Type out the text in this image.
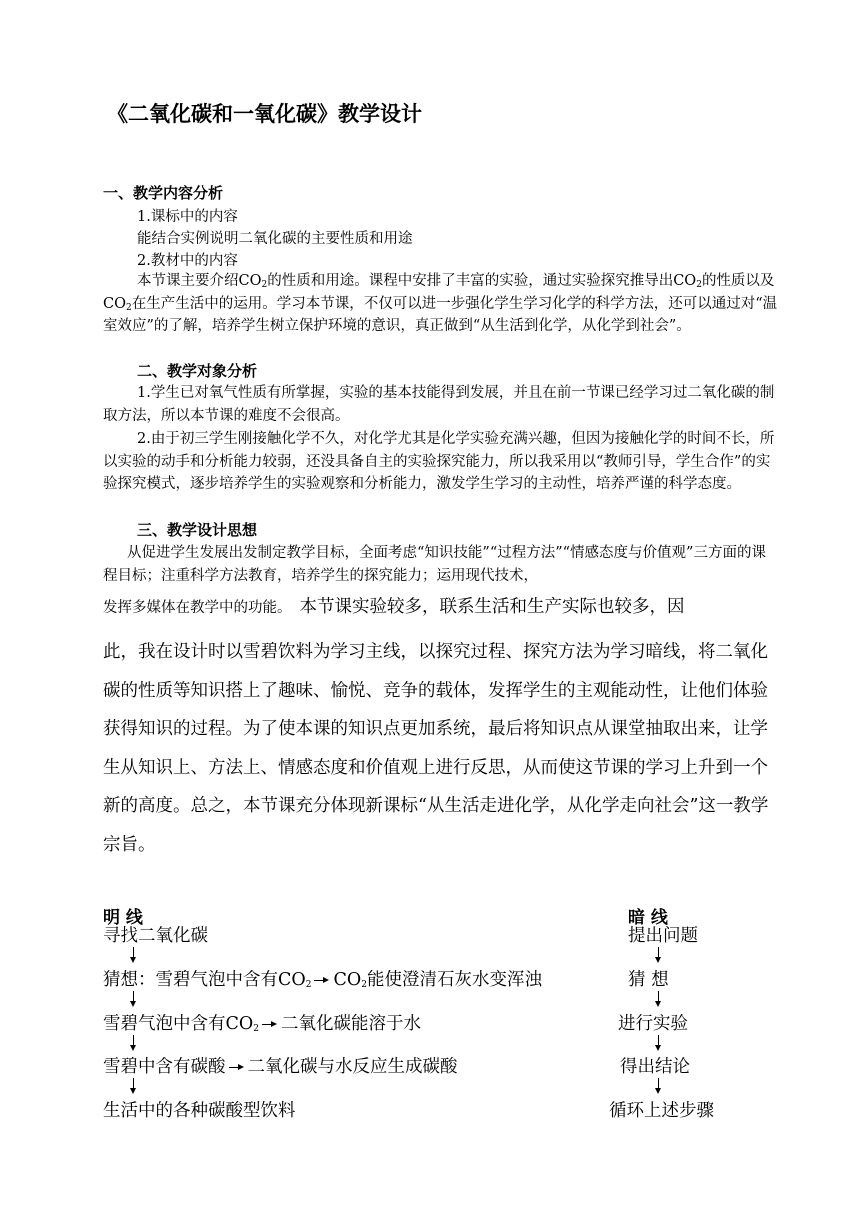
《二氧化碳和一氧化碳》教学设计
一、教学内容分析
1.课标中的内容
能结合实例说明二氧化碳的主要性质和用途
2.教材中的内容
本节课主要介绍$CO_2$的性质和用途。课程中安排了丰富的实验，通过实验探究推导出$CO_2$的性质以及$CO_2$在生产生活中的运用。学习本节课，不仅可以进一步强化学生学习化学的科学方法，还可以通过对“温室效应”的了解，培养学生树立保护环境的意识，真正做到“从生活到化学，从化学到社会”。
二、教学对象分析
1.学生已对氧气性质有所掌握，实验的基本技能得到发展，并且在前一节课已经学习过二氧化碳的制取方法，所以本节课的难度不会很高。
2.由于初三学生刚接触化学不久，对化学尤其是化学实验充满兴趣，但因为接触化学的时间不长，所以实验的动手和分析能力较弱，还没具备自主的实验探究能力，所以我采用以“教师引导，学生合作”的实验探究模式，逐步培养学生的实验观察和分析能力，激发学生学习的主动性，培养严谨的科学态度。
三、教学设计思想
从促进学生发展出发制定教学目标，全面考虑“知识技能”“过程方法”“情感态度与价值观”三方面的课程目标；注重科学方法教育，培养学生的探究能力；运用现代技术，
发挥多媒体在教学中的功能。 本节课实验较多，联系生活和生产实际也较多，因
此，我在设计时以雪碧饮料为学习主线，以探究过程、探究方法为学习暗线，将二氧化碳的性质等知识搭上了趣味、愉悦、竞争的载体，发挥学生的主观能动性，让他们体验获得知识的过程。为了使本课的知识点更加系统，最后将知识点从课堂抽取出来，让学生从知识上、方法上、情感态度和价值观上进行反思，从而使这节课的学习上升到一个新的高度。总之，本节课充分体现新课标“从生活走进化学，从化学走向社会”这一教学宗旨。
明 线	暗 线
寻找二氧化碳
猜想：雪碧气泡中含有$CO_2$ $CO_2$能使澄清石灰水变浑浊
雪碧气泡中含有$CO_2$ 二氧化碳能溶于水
雪碧中含有碳酸 二氧化碳与水反应生成碳酸
生活中的各种碳酸型饮料
提出问题
猜 想
进行实验
得出结论
循环上述步骤
